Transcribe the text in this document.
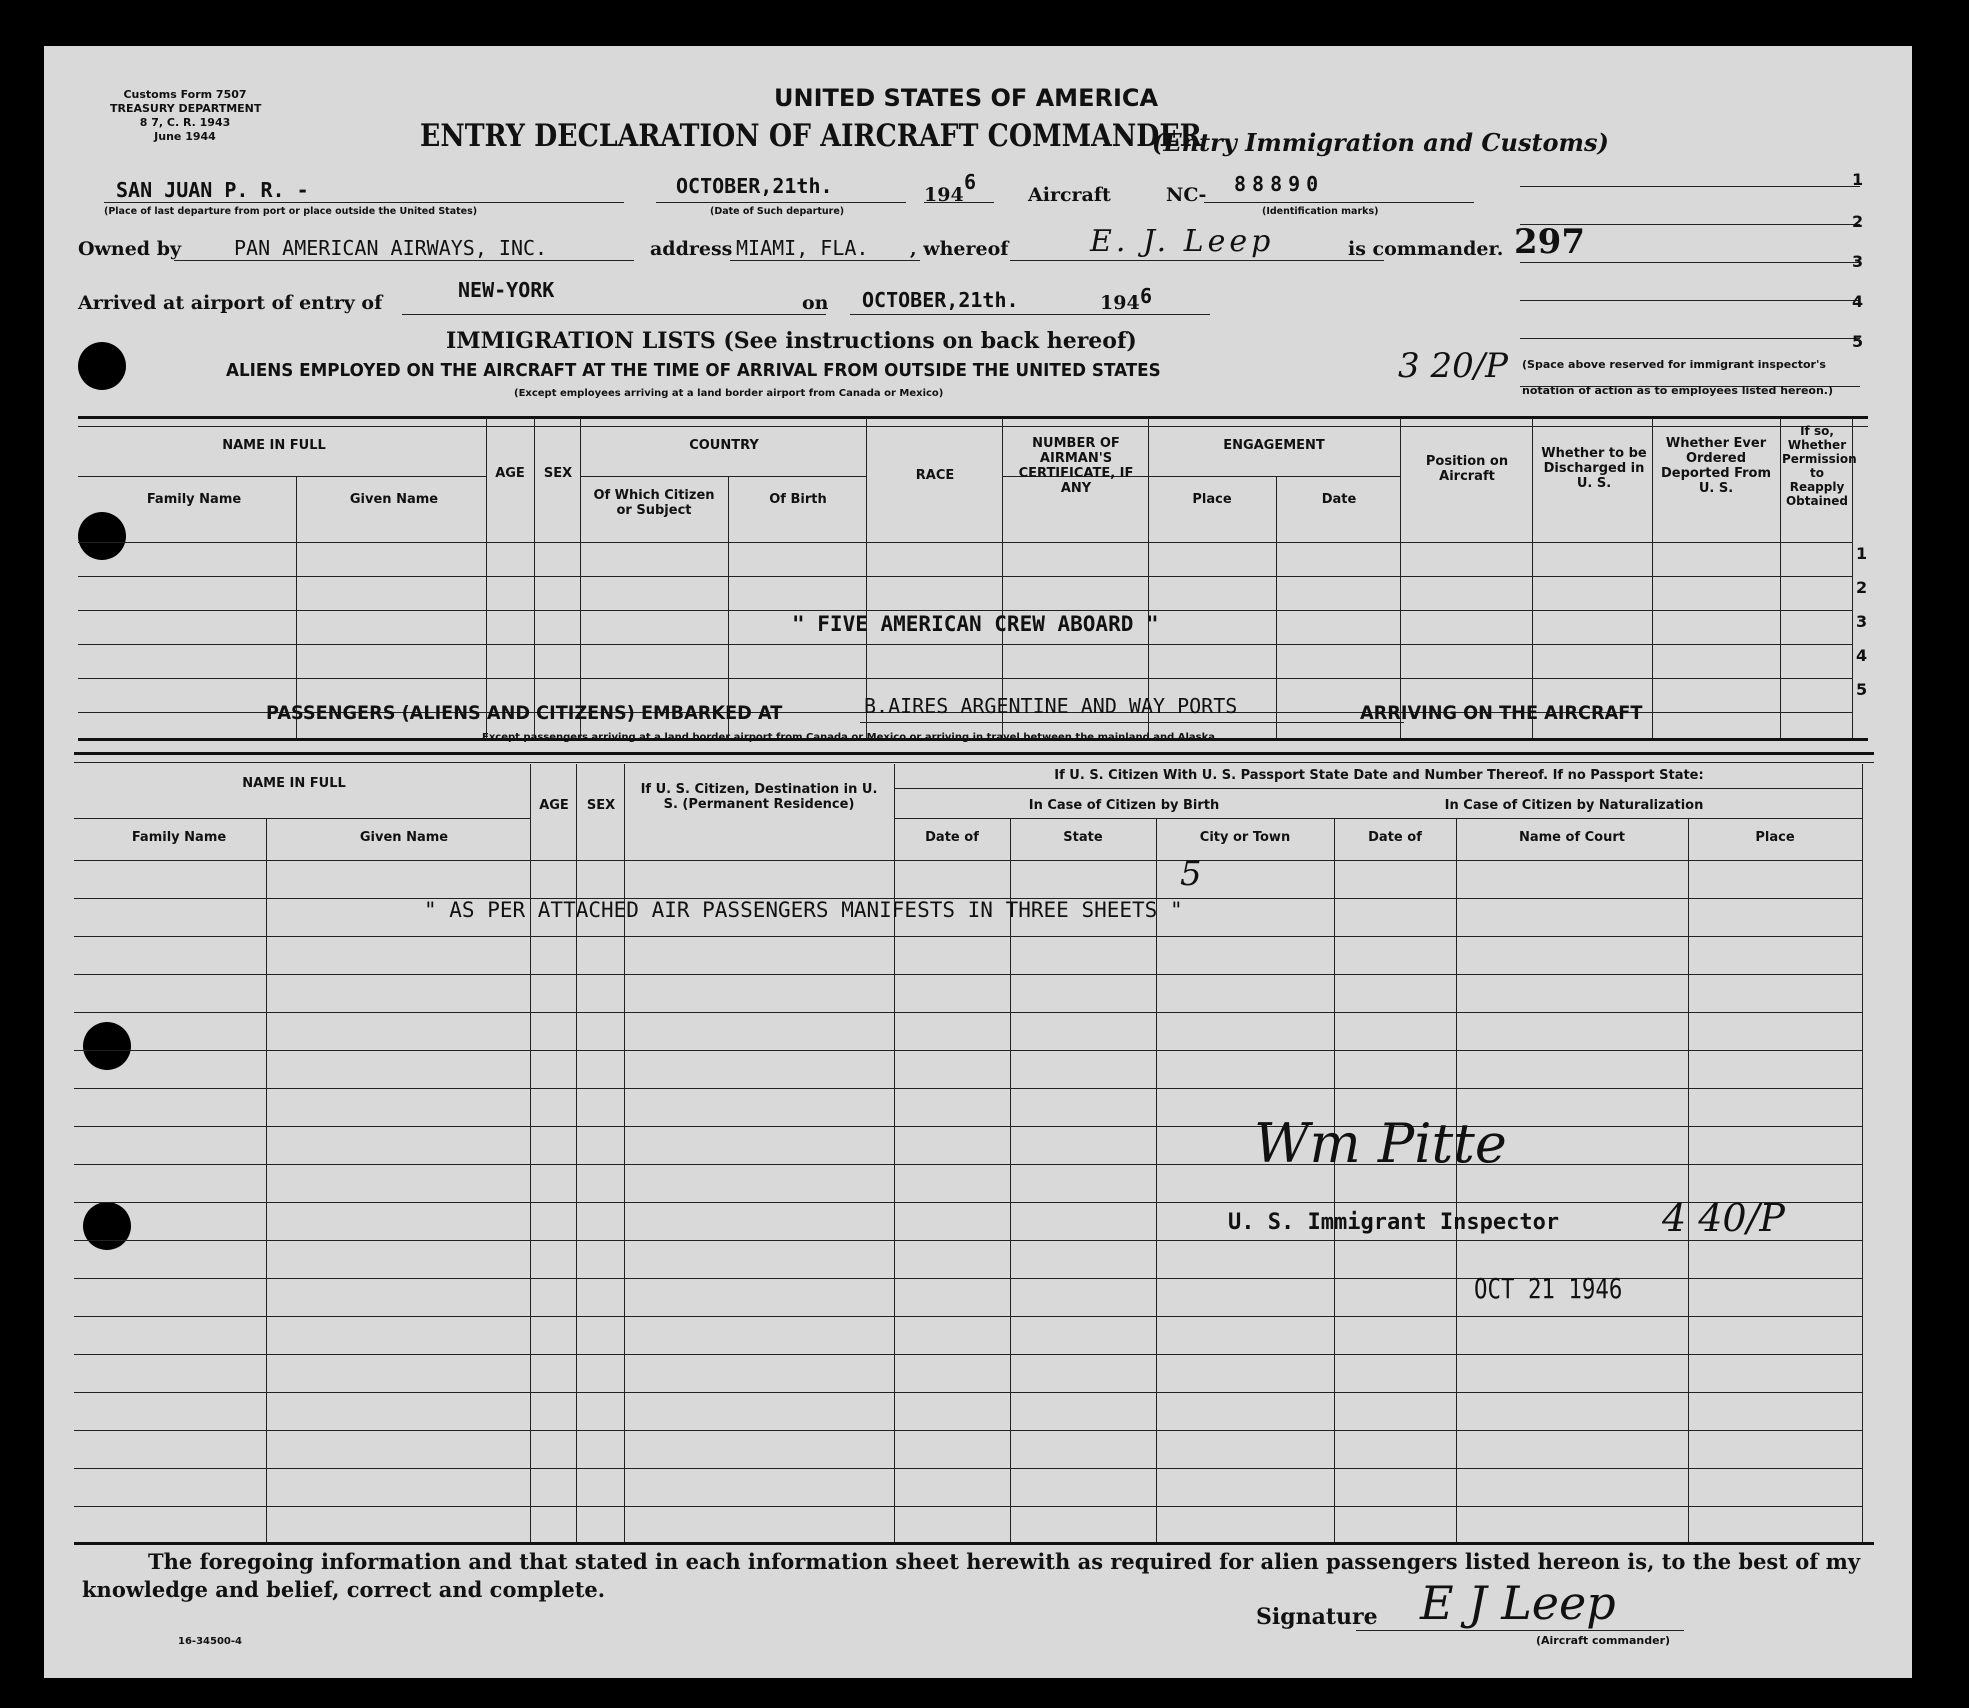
Customs Form 7507
TREASURY DEPARTMENT
8 7, C. R. 1943
June 1944
UNITED STATES OF AMERICA
ENTRY DECLARATION OF AIRCRAFT COMMANDER
(Entry Immigration and Customs)
SAN JUAN P. R. -
(Place of last departure from port or place outside the United States)
OCTOBER,21th.
(Date of Such departure)
194
6
Aircraft	NC- 88890
(Identification marks)
Owned by	PAN AMERICAN AIRWAYS, INC.	address MIAMI, FLA. , whereof	E. J. Leep	is commander. 297
Arrived at airport of entry of
NEW-YORK
on OCTOBER,21th.	194 6
1
2
3
4
5
IMMIGRATION LISTS (See instructions on back hereof)
ALIENS EMPLOYED ON THE AIRCRAFT AT THE TIME OF ARRIVAL FROM OUTSIDE THE UNITED STATES
(Except employees arriving at a land border airport from Canada or Mexico)
3 20/P (Space above reserved for immigrant inspector's
notation of action as to employees listed hereon.)
NAME IN FULL
Family Name	Given Name
AGE	SEX
COUNTRY
Of Which Citizen or Subject
Of Birth
RACE
NUMBER OF AIRMAN'S CERTIFICATE, IF ANY
ENGAGEMENT
Place	Date
Position on Aircraft
Whether to be Discharged in U. S.
Whether Ever Ordered Deported From U. S.
If so, Whether Permission to Reapply Obtained
1
2
3
4
5
" FIVE AMERICAN CREW ABOARD "
PASSENGERS (ALIENS AND CITIZENS) EMBARKED AT	B.AIRES ARGENTINE AND WAY PORTS	ARRIVING ON THE AIRCRAFT
Except passengers arriving at a land border airport from Canada or Mexico or arriving in travel between the mainland and Alaska.
NAME IN FULL
Family Name	Given Name
AGE	SEX
If U. S. Citizen, Destination in U. S. (Permanent Residence)
If U. S. Citizen With U. S. Passport State Date and Number Thereof. If no Passport State:
In Case of Citizen by Birth	In Case of Citizen by Naturalization
Date of	State	City or Town	Date of	Name of Court	Place
" AS PER ATTACHED AIR PASSENGERS MANIFESTS IN THREE SHEETS "
5
Wm Pitte
U. S. Immigrant Inspector	4 40/P
OCT 21 1946
The foregoing information and that stated in each information sheet herewith as required for alien passengers listed hereon is, to the best of my knowledge and belief, correct and complete.
Signature E J Leep
(Aircraft commander)
16-34500-4
